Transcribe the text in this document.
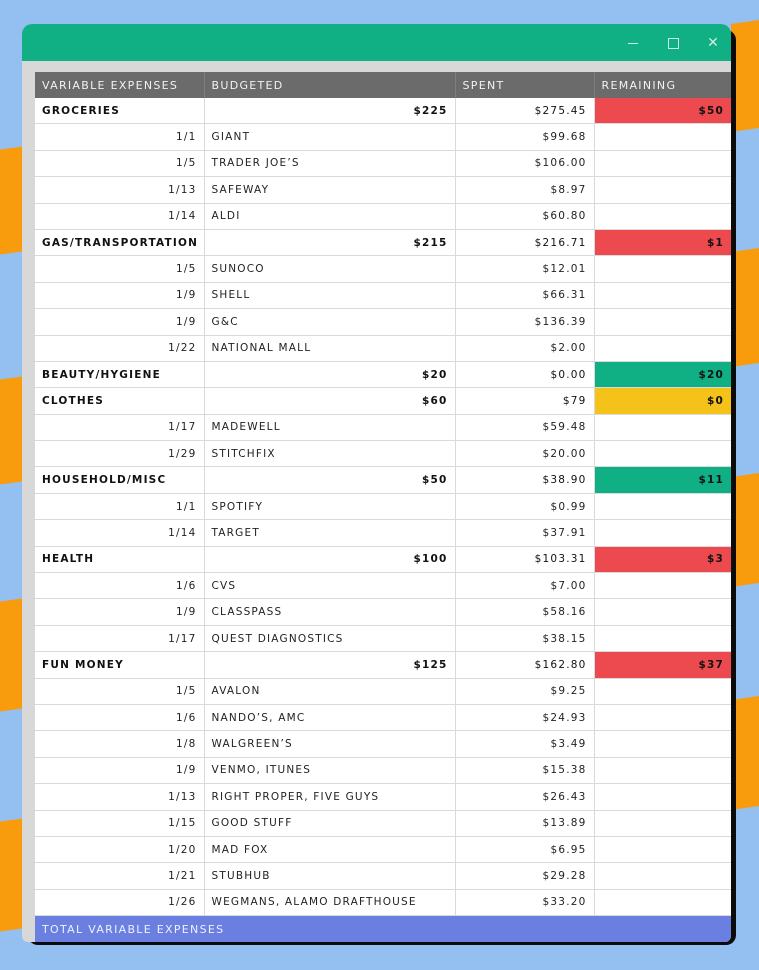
✕
VARIABLE EXPENSES	BUDGETED	SPENT	REMAINING
GROCERIES	$225	$275.45	$50
1/1	GIANT	$99.68	
1/5	TRADER JOE’S	$106.00	
1/13	SAFEWAY	$8.97	
1/14	ALDI	$60.80	
GAS/TRANSPORTATION	$215	$216.71	$1
1/5	SUNOCO	$12.01	
1/9	SHELL	$66.31	
1/9	G&C	$136.39	
1/22	NATIONAL MALL	$2.00	
BEAUTY/HYGIENE	$20	$0.00	$20
CLOTHES	$60	$79	$0
1/17	MADEWELL	$59.48	
1/29	STITCHFIX	$20.00	
HOUSEHOLD/MISC	$50	$38.90	$11
1/1	SPOTIFY	$0.99	
1/14	TARGET	$37.91	
HEALTH	$100	$103.31	$3
1/6	CVS	$7.00	
1/9	CLASSPASS	$58.16	
1/17	QUEST DIAGNOSTICS	$38.15	
FUN MONEY	$125	$162.80	$37
1/5	AVALON	$9.25	
1/6	NANDO’S, AMC	$24.93	
1/8	WALGREEN’S	$3.49	
1/9	VENMO, ITUNES	$15.38	
1/13	RIGHT PROPER, FIVE GUYS	$26.43	
1/15	GOOD STUFF	$13.89	
1/20	MAD FOX	$6.95	
1/21	STUBHUB	$29.28	
1/26	WEGMANS, ALAMO DRAFTHOUSE	$33.20	
TOTAL VARIABLE EXPENSES			
